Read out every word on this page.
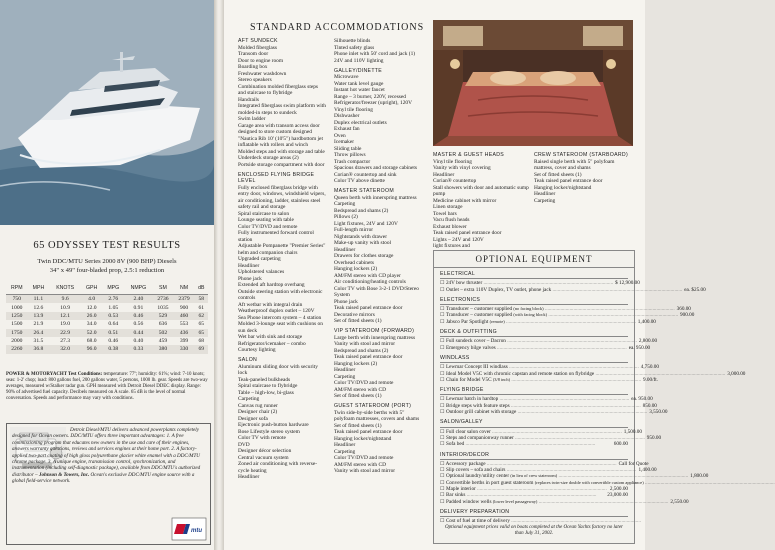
65 ODYSSEY TEST RESULTS
Twin DDC/MTU Series 2000 8V (900 BHP) Diesels
34" x 49" four-bladed prop, 2.5:1 reduction
RPM	MPH	KNOTS	GPH	MPG	NMPG	SM	NM	dB
750	11.1	9.6	4.0	2.76	2.40	2736	2379	58
1000	12.6	10.9	12.0	1.05	0.91	1035	900	61
1250	13.9	12.1	26.0	0.53	0.46	529	460	62
1500	21.9	19.0	34.0	0.64	0.56	636	553	65
1750	26.4	22.9	52.0	0.51	0.44	502	436	65
2000	31.5	27.3	68.0	0.46	0.40	459	399	68
2260	36.8	32.0	96.0	0.38	0.33	380	330	69
POWER & MOTORYACHT Test Conditions: temperature: 77º; humidity: 61%; wind: 7-10 knots; seas: 1-2' chop; load: 800 gallons fuel, 200 gallons water, 5 persons, 1000 lb. gear. Speeds are two-way averages, measured w/Stalker radar gun. GPH measured with Detroit Diesel DDEC display. Range: 90% of advertised fuel capacity. Decibels measured on A scale. 65 dB is the level of normal conversation. Speeds and performance may vary with conditions.
Detroit Diesel/MTU delivers advanced powerplants completely designed for Ocean owners. DDC/MTU offers three important advantages: 1. A free commissioning program that educates new owners in the use and care of their engines, answers warranty questions, reviews and services engines at their home port. 2. A factory-applied two-part coating of high gloss polyurethane glacier white enamel with a DDC/MTU chrome package. 3. A unique engine, transmission control, synchronization, and instrumentation (including self-diagnostic package), available from DDC/MTU's authorized distributor – Johnson & Towers, Inc. Ocean's exclusive DDC/MTU engine source with a global field-service network.
mtu
STANDARD ACCOMMODATIONS
AFT SUNDECK
Molded fiberglass
Transom door
Door to engine room
Boarding box
Freshwater washdown
Stereo speakers
Combination molded fiberglass steps and staircase to flybridge
Handrails
Integrated fiberglass swim platform with molded-in steps to sundeck
Swim ladder
Garage area with transom access door designed to store custom designed "Nautica Rib 10' (10'5") hardbottom jet inflatable with rollers and winch
Molded steps and with storage and table
Underdeck storage areas (2)
Portside storage compartment with door
ENCLOSED FLYING BRIDGE LEVEL
Fully enclosed fiberglass bridge with entry door, windows, windshield wipers, air conditioning, ladder, stainless steel safety rail and storage
Spiral staircase to salon
Lounge seating with table
Color TV/DVD and remote
Fully instrumented forward control station
Adjustable Pompanette "Premier Series" helm and companion chairs
Upgraded carpeting
Headliner
Upholstered valances
Phone jack
Extended aft hardtop overhang
Outside steering station with electronic controls
Aft wetbar with integral drain
Weatherproof duplex outlet – 120V
Sea Phone intercom system – 4 station
Molded 3-lounge seat with cushions on sun deck
Wet bar with sink and storage
Refrigerator/icemaker – combo
Courtesy lighting
SALON
Aluminum sliding door with security lock
Teak-paneled bulkheads
Spiral staircase to flybridge
Table – high-low, bi-glass
Carpeting
Canvas rug runner
Designer chair (2)
Designer sofa
Ejectronic push-button hardware
Bose Lifestyle stereo system
Color TV with remote
DVD
Designer décor selection
Central vacuum system
Zoned air conditioning with reverse-cycle heating
Headliner
Silhouette blinds
Tinted safety glass
Phone inlet with 50' cord and jack (1)
24V and 110V lighting
GALLEY/DINETTE
Microwave
Water tank level gauge
Instant hot water faucet
Range – 3 burner, 220V, recessed
Refrigerator/freezer (upright), 120V
Vinyl tile flooring
Dishwasher
Duplex electrical outlets
Exhaust fan
Oven
Icemaker
Sliding table
Throw pillows
Trash compactor
Spacious drawers and storage cabinets
Corian® countertop and sink
Color TV above dinette
MASTER STATEROOM
Queen berth with innerspring mattress
Carpeting
Bedspread and shams (2)
Pillows (2)
Light fixtures, 24V and 120V
Full-length mirror
Nightstands with drawer
Make-up vanity with stool
Headliner
Drawers for clothes storage
Overhead cabinets
Hanging lockers (2)
AM/FM stereo with CD player
Air conditioning/heating controls
Color TV with Bose 3-2-1 DVD/Stereo System
Phone jack
Teak raised panel entrance door
Decorative mirrors
Set of fitted sheets (1)
VIP STATEROOM (FORWARD)
Large berth with innerspring mattress
Vanity with stool and mirror
Bedspread and shams (2)
Teak raised panel entrance door
Hanging lockers (2)
Headliner
Carpeting
Color TV/DVD and remote
AM/FM stereo with CD
Set of fitted sheets (1)
GUEST STATEROOM (PORT)
Twin side-by-side berths with 5" polyfoam mattresses, covers and shams
Set of fitted sheets (1)
Teak raised panel entrance door
Hanging locker/nightstand
Headliner
Carpeting
Color TV/DVD and remote
AM/FM stereo with CD
Vanity with stool and mirror
MASTER & GUEST HEADS
Vinyl tile flooring
Vanity with vinyl covering
Headliner
Corian® countertop
Stall showers with door and automatic sump pump
Medicine cabinet with mirror
Linen storage
Towel bars
Vacu flush heads
Exhaust blower
Teak raised panel entrance door
Lights – 24V and 120V
light fixtures and
CREW STATEROOM (STARBOARD)
Raised single berth with 5" polyfoam mattress, cover and shams
Set of fitted sheets (1)
Teak raised panel entrance door
Hanging locker/nightstand
Headliner
Carpeting
OPTIONAL EQUIPMENT
ELECTRICAL
☐ 24V bow thruster .....	$ 12,900.00
☐ Outlet – extra 110V Duplex, TV outlet, phone jack .....	ea. $25.00
ELECTRONICS
☐ Transducer – customer supplied (no facing block) .....	360.00
☐ Transducer – customer supplied (with facing block) .....	900.00
☐ Jabsco Par Spotlight (remote) .....	1,400.00
DECK & OUTFITTING
☐ Full sundeck cover – Dacron .....	2,800.00
☐ Emergency bilge valves .....	ea. 950.00
WINDLASS
☐ Lewmar Concept III windlass .....	4,750.00
☐ Ideal Model V5C with chromic capstan and remote station on flybridge .....	3,000.00
☐ Chain for Model V5C (3/8 inch) .....	9.00/ft.
FLYING BRIDGE
☐ Lewmar hatch in hardtop .....	ea. 950.00
☐ Bridge steps with feature steps .....	850.00
☐ Outdoor grill cabinet with storage .....	3,550.00
SALON/GALLEY
☐ Full clear salon cover .....	1,500.00
☐ Steps and companionway runner .....	950.00
☐ Sofa bed .....	600.00
INTERIOR/DECOR
☐ Accessory package .....	Call for Quote
☐ Slip covers – sofa and chairs .....	1,400.00
☐ Optional laundry/utility center (in lieu of crew stateroom) .....	1,800.00
☐ Convertible berths in port guest stateroom (replaces twin-size double with convertible custom appliance) .....
☐ Maple interior .....	2,500.00
☐ Bar sinks .....	23,000.00
☐ Padded window wells (lower level passageway) .....	2,550.00
DELIVERY PREPARATION
☐ Cost of fuel at time of delivery .....
Optional equipment prices valid on boats completed at the Ocean Yachts factory no later than July 31, 2002.
